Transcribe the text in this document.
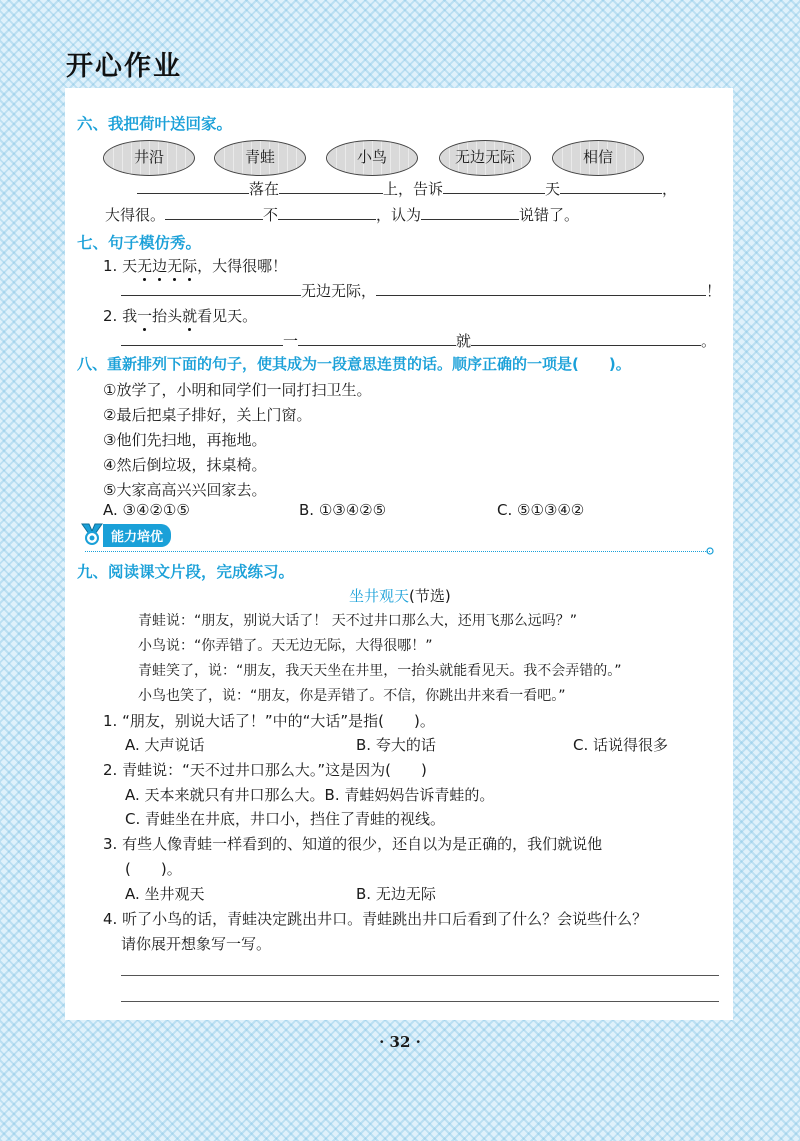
开心作业
六、我把荷叶送回家。
井沿	青蛙	小鸟	无边无际	相信
落在	上，告诉	天	，
大得很。	不	，认为	说错了。
七、句子模仿秀。
1. 天无边无际，大得很哪！
无边无际，	！
2. 我一抬头就看见天。
一	就	。
八、重新排列下面的句子，使其成为一段意思连贯的话。顺序正确的一项是(　　)。
①放学了，小明和同学们一同打扫卫生。
②最后把桌子排好，关上门窗。
③他们先扫地，再拖地。
④然后倒垃圾，抹桌椅。
⑤大家高高兴兴回家去。
A. ③④②①⑤	B. ①③④②⑤	C. ⑤①③④②
能力培优
九、阅读课文片段，完成练习。
坐井观天(节选)
青蛙说：“朋友，别说大话了！ 天不过井口那么大，还用飞那么远吗？”
小鸟说：“你弄错了。天无边无际，大得很哪！”
青蛙笑了，说：“朋友，我天天坐在井里，一抬头就能看见天。我不会弄错的。”
小鸟也笑了，说：“朋友，你是弄错了。不信，你跳出井来看一看吧。”
1. “朋友，别说大话了！”中的“大话”是指(　　)。
A. 大声说话	B. 夸大的话	C. 话说得很多
2. 青蛙说：“天不过井口那么大。”这是因为(　　)
A. 天本来就只有井口那么大。B. 青蛙妈妈告诉青蛙的。
C. 青蛙坐在井底，井口小，挡住了青蛙的视线。
3. 有些人像青蛙一样看到的、知道的很少，还自以为是正确的，我们就说他
(　　)。
A. 坐井观天	B. 无边无际
4. 听了小鸟的话，青蛙决定跳出井口。青蛙跳出井口后看到了什么？会说些什么？
请你展开想象写一写。
· 32 ·
